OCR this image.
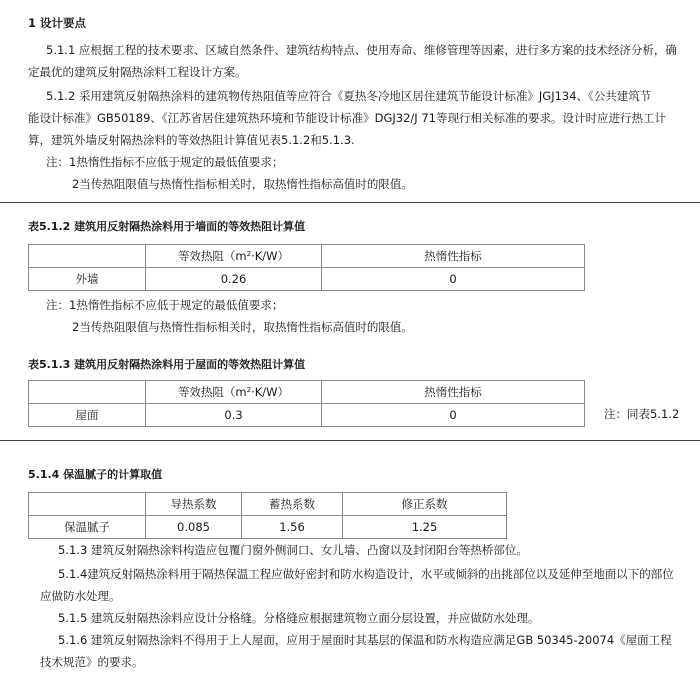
1 设计要点
5.1.1 应根据工程的技术要求、区域自然条件、建筑结构特点、使用寿命、维修管理等因素，进行多方案的技术经济分析，确
定最优的建筑反射隔热涂料工程设计方案。
5.1.2 采用建筑反射隔热涂料的建筑物传热阻值等应符合《夏热冬冷地区居住建筑节能设计标准》JGJ134、《公共建筑节
能设计标准》GB50189、《江苏省居住建筑热环境和节能设计标准》DGJ32/J 71等现行相关标准的要求。设计时应进行热工计
算，建筑外墙反射隔热涂料的等效热阻计算值见表5.1.2和5.1.3.
注：1热惰性指标不应低于规定的最低值要求；
2当传热阻限值与热惰性指标相关时，取热惰性指标高值时的限值。
表5.1.2 建筑用反射隔热涂料用于墙面的等效热阻计算值
	等效热阻$(m^2\cdot K/W)$	热惰性指标
外墙	0.26	0
注：1热惰性指标不应低于规定的最低值要求；
2当传热阻限值与热惰性指标相关时，取热惰性指标高值时的限值。
表5.1.3 建筑用反射隔热涂料用于屋面的等效热阻计算值
	等效热阻$(m^2\cdot K/W)$	热惰性指标
屋面	0.3	0	注：同表5.1.2
5.1.4 保温腻子的计算取值
	导热系数	蓄热系数	修正系数
保温腻子	0.085	1.56	1.25
5.1.3 建筑反射隔热涂料构造应包覆门窗外侧洞口、女儿墙、凸窗以及封闭阳台等热桥部位。
5.1.4建筑反射隔热涂料用于隔热保温工程应做好密封和防水构造设计，水平或倾斜的出挑部位以及延伸至地面以下的部位
应做防水处理。
5.1.5 建筑反射隔热涂料应设计分格缝。分格缝应根据建筑物立面分层设置，并应做防水处理。
5.1.6 建筑反射隔热涂料不得用于上人屋面，应用于屋面时其基层的保温和防水构造应满足GB 50345-20074《屋面工程
技术规范》的要求。
